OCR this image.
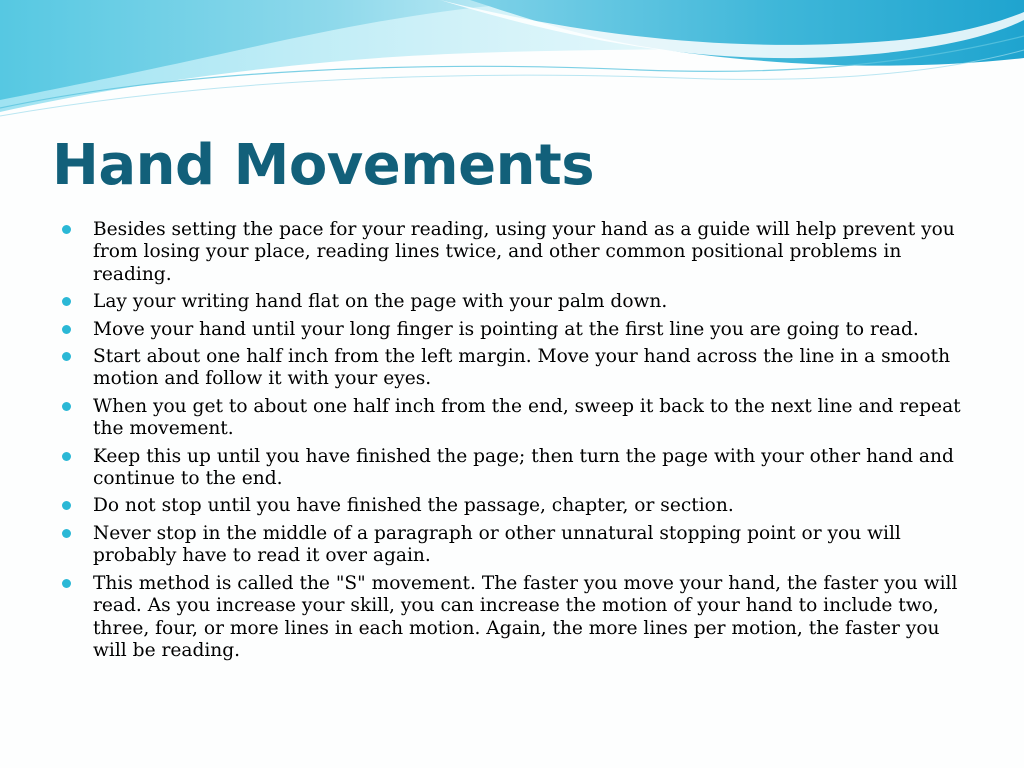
Hand Movements
Besides setting the pace for your reading, using your hand as a guide will help prevent you from losing your place, reading lines twice, and other common positional problems in reading.
Lay your writing hand flat on the page with your palm down.
Move your hand until your long finger is pointing at the first line you are going to read.
Start about one half inch from the left margin. Move your hand across the line in a smooth motion and follow it with your eyes.
When you get to about one half inch from the end, sweep it back to the next line and repeat the movement.
Keep this up until you have finished the page; then turn the page with your other hand and continue to the end.
Do not stop until you have finished the passage, chapter, or section.
Never stop in the middle of a paragraph or other unnatural stopping point or you will probably have to read it over again.
This method is called the "S" movement. The faster you move your hand, the faster you will read. As you increase your skill, you can increase the motion of your hand to include two, three, four, or more lines in each motion. Again, the more lines per motion, the faster you will be reading.
